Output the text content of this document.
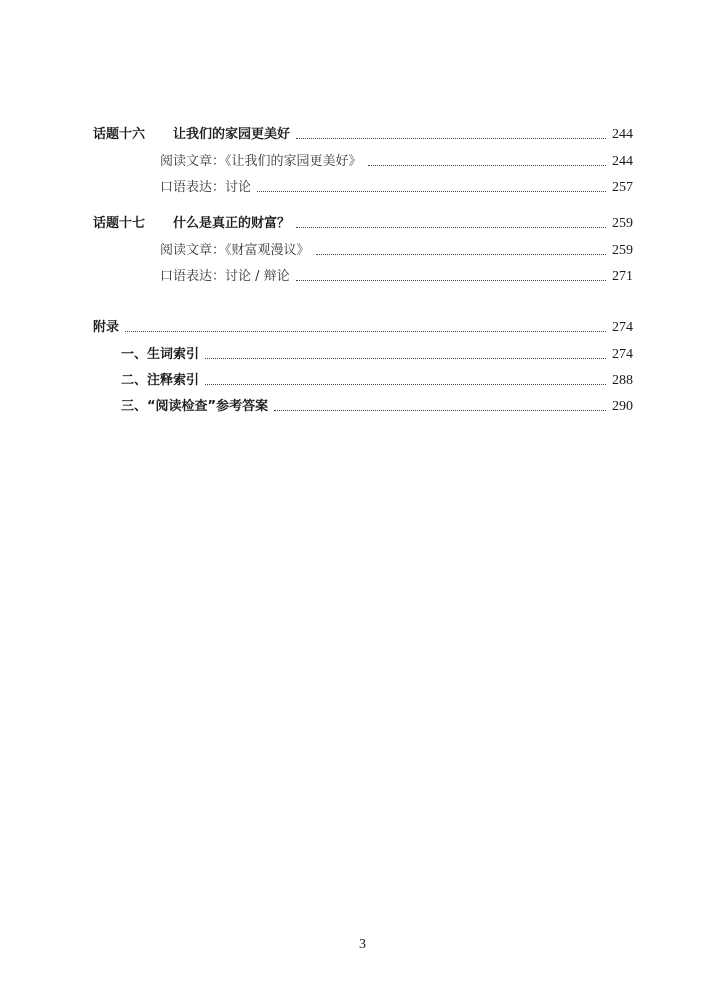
话题十六	让我们的家园更美好	244
阅读文章：《让我们的家园更美好》	244
口语表达：讨论	257
话题十七	什么是真正的财富？	259
阅读文章：《财富观漫议》	259
口语表达：讨论 / 辩论	271
附录	274
一、生词索引	274
二、注释索引	288
三、“阅读检查”参考答案	290
3
